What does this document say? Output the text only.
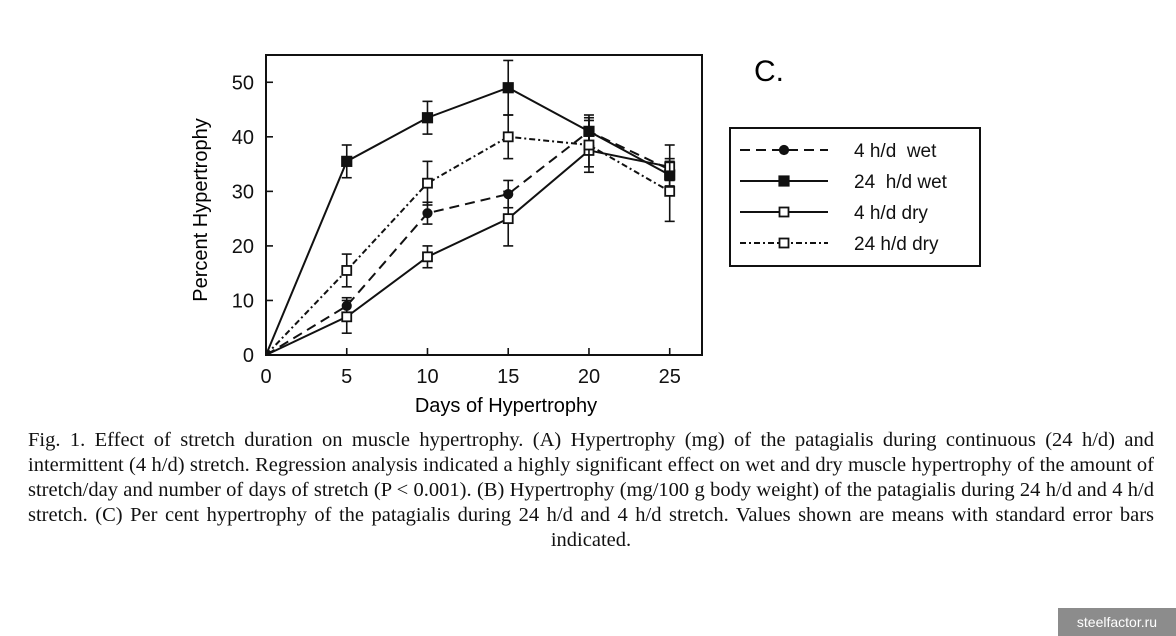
0
10
20
30
40
50
0	5	10	15	20	25
C.
Days of Hypertrophy
Percent Hypertrophy	4 h/d  wet
24  h/d wet
4 h/d dry
24 h/d dry
Fig. 1. Effect of stretch duration on muscle hypertrophy. (A) Hypertrophy (mg) of the patagialis during continuous (24 h/d) and intermittent (4 h/d) stretch. Regression analysis indicated a highly significant effect on wet and dry muscle hypertrophy of the amount of stretch/day and number of days of stretch (P < 0.001). (B) Hypertrophy (mg/100 g body weight) of the patagialis during 24 h/d and 4 h/d stretch. (C) Per cent hypertrophy of the patagialis during 24 h/d and 4 h/d stretch. Values shown are means with standard error bars indicated.
steelfactor.ru
